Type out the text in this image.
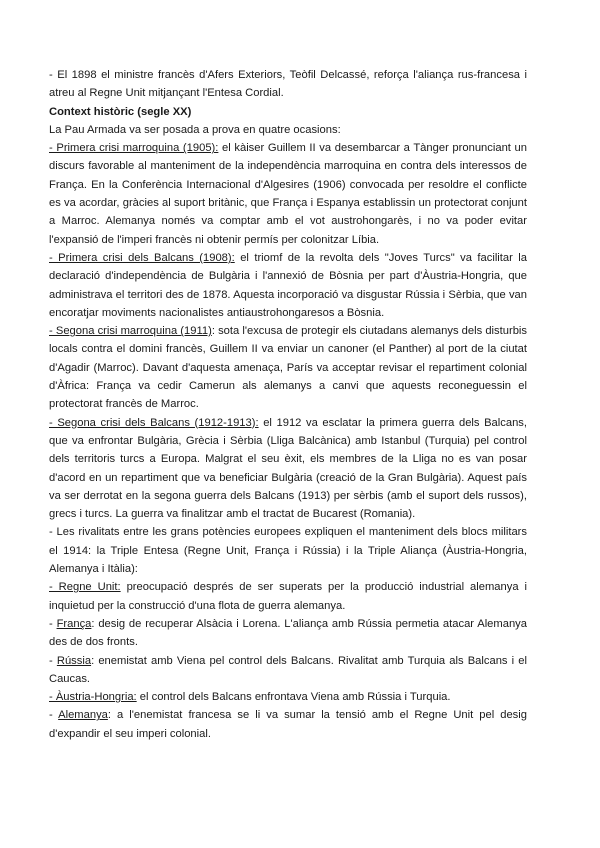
- El 1898 el ministre francès d'Afers Exteriors, Teòfil Delcassé, reforça l'aliança rus-francesa i atreu al Regne Unit mitjançant l'Entesa Cordial.

Context històric (segle XX)

La Pau Armada va ser posada a prova en quatre ocasions:

- Primera crisi marroquina (1905): el kàiser Guillem II va desembarcar a Tànger pronunciant un discurs favorable al manteniment de la independència marroquina en contra dels interessos de França. En la Conferència Internacional d'Algesires (1906) convocada per resoldre el conflicte es va acordar, gràcies al suport britànic, que França i Espanya establissin un protectorat conjunt a Marroc. Alemanya només va comptar amb el vot austrohongarès, i no va poder evitar l'expansió de l'imperi francès ni obtenir permís per colonitzar Líbia.

- Primera crisi dels Balcans (1908): el triomf de la revolta dels "Joves Turcs" va facilitar la declaració d'independència de Bulgària i l'annexió de Bòsnia per part d'Àustria-Hongria, que administrava el territori des de 1878. Aquesta incorporació va disgustar Rússia i Sèrbia, que van encoratjar moviments nacionalistes antiaustrohongaresos a Bòsnia.

- Segona crisi marroquina (1911): sota l'excusa de protegir els ciutadans alemanys dels disturbis locals contra el domini francès, Guillem II va enviar un canoner (el Panther) al port de la ciutat d'Agadir (Marroc). Davant d'aquesta amenaça, París va acceptar revisar el repartiment colonial d'Àfrica: França va cedir Camerun als alemanys a canvi que aquests reconeguessin el protectorat francès de Marroc.

- Segona crisi dels Balcans (1912-1913): el 1912 va esclatar la primera guerra dels Balcans, que va enfrontar Bulgària, Grècia i Sèrbia (Lliga Balcànica) amb Istanbul (Turquia) pel control dels territoris turcs a Europa. Malgrat el seu èxit, els membres de la Lliga no es van posar d'acord en un repartiment que va beneficiar Bulgària (creació de la Gran Bulgària). Aquest país va ser derrotat en la segona guerra dels Balcans (1913) per sèrbis (amb el suport dels russos), grecs i turcs. La guerra va finalitzar amb el tractat de Bucarest (Romania).

- Les rivalitats entre les grans potències europees expliquen el manteniment dels blocs militars el 1914: la Triple Entesa (Regne Unit, França i Rússia) i la Triple Aliança (Àustria-Hongria, Alemanya i Itàlia):

- Regne Unit: preocupació després de ser superats per la producció industrial alemanya i inquietud per la construcció d'una flota de guerra alemanya.

- França: desig de recuperar Alsàcia i Lorena. L'aliança amb Rússia permetia atacar Alemanya des de dos fronts.

- Rússia: enemistat amb Viena pel control dels Balcans. Rivalitat amb Turquia als Balcans i el Caucas.

- Àustria-Hongria: el control dels Balcans enfrontava Viena amb Rússia i Turquia.

- Alemanya: a l'enemistat francesa se li va sumar la tensió amb el Regne Unit pel desig d'expandir el seu imperi colonial.
